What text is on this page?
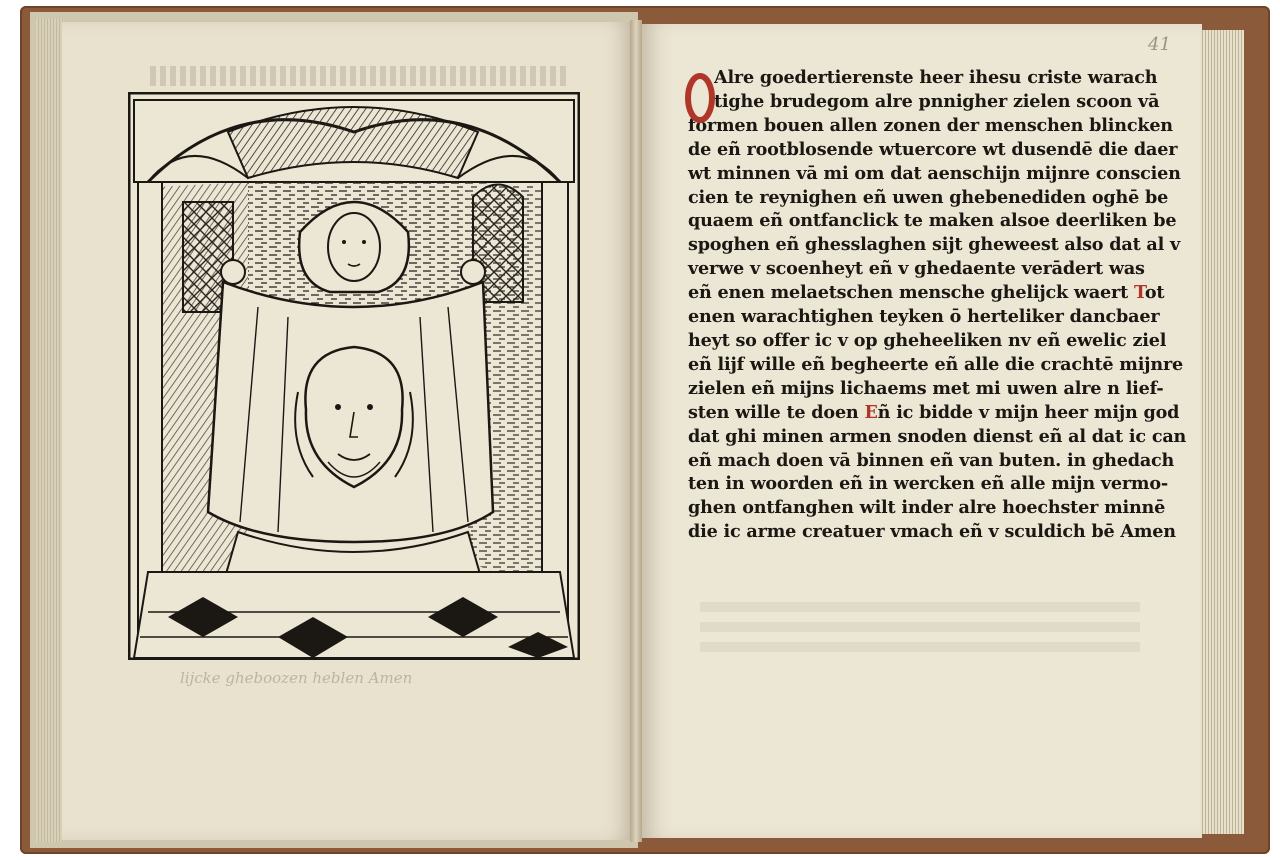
lijcke gheboozen heblen Amen
41
Alre goedertierenste heer ihesu criste warach
tighe brudegom alre pnnigher zielen scoon vā
formen bouen allen zonen der menschen blincken
de eñ rootblosende wtuercore wt dusendē die daer
wt minnen vā mi om dat aenschijn mijnre conscien
cien te reynighen eñ uwen ghebenediden oghē be
quaem eñ ontfanclick te maken alsoe deerliken be
spoghen eñ ghesslaghen sijt gheweest also dat al v
verwe v scoenheyt eñ v ghedaente verādert was
eñ enen melaetschen mensche ghelijck waert Tot
enen warachtighen teyken ō herteliker dancbaer
heyt so offer ic v op gheheeliken nv eñ ewelic ziel
eñ lijf wille eñ begheerte eñ alle die crachtē mijnre
zielen eñ mijns lichaems met mi uwen alre n lief-
sten wille te doen Eñ ic bidde v mijn heer mijn god
dat ghi minen armen snoden dienst eñ al dat ic can
eñ mach doen vā binnen eñ van buten. in ghedach
ten in woorden eñ in wercken eñ alle mijn vermo-
ghen ontfanghen wilt inder alre hoechster minnē
die ic arme creatuer vmach eñ v sculdich bē Amen
